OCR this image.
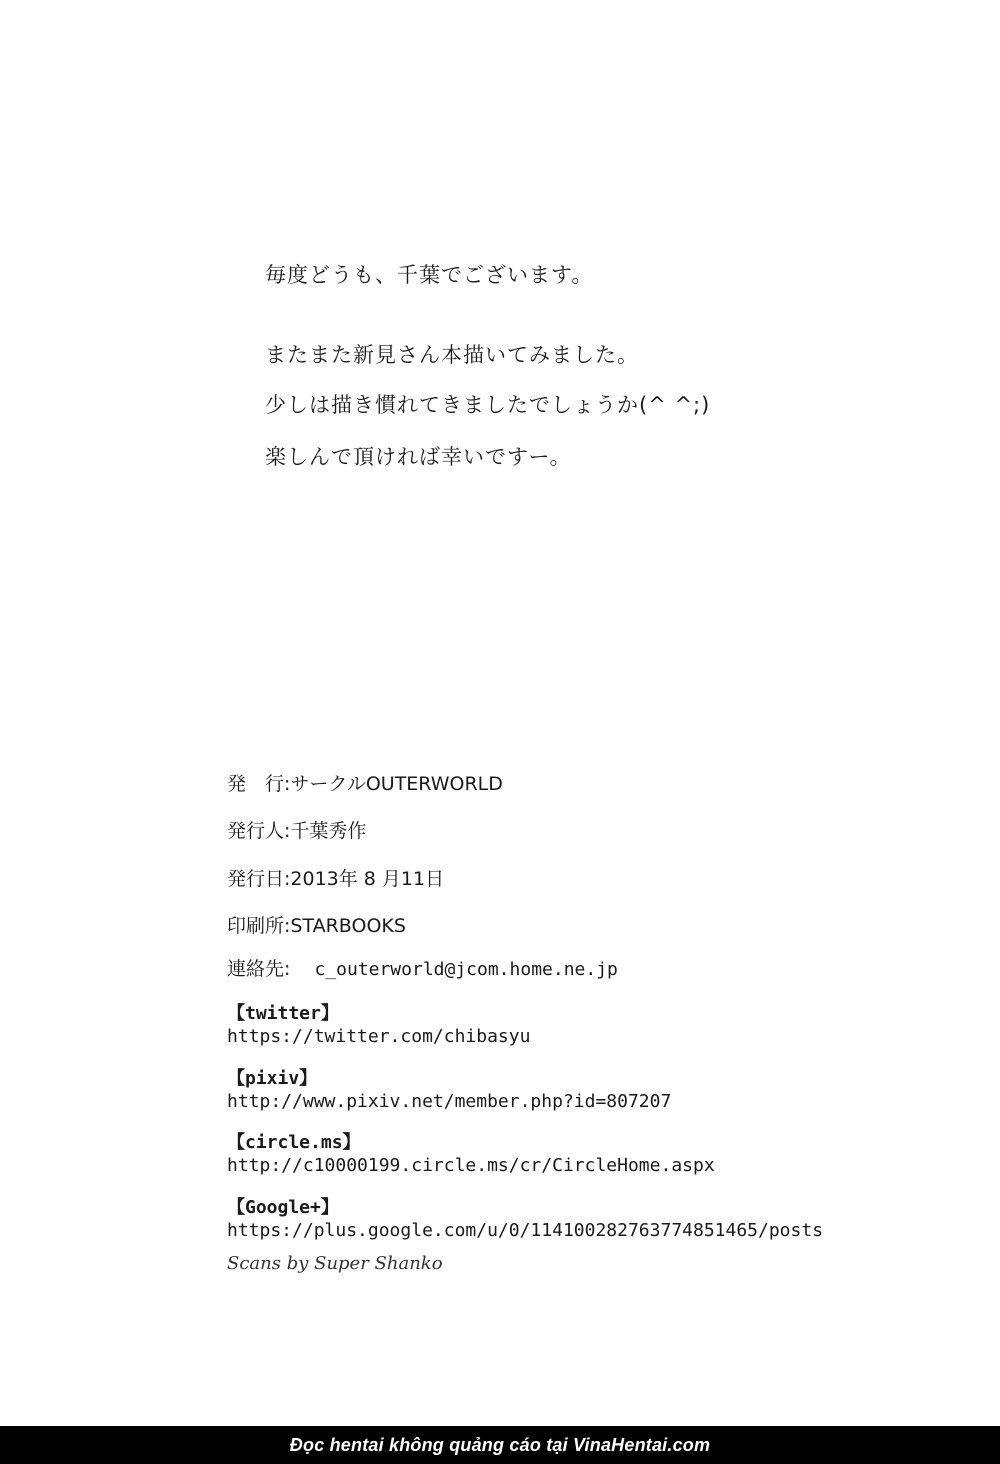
毎度どうも、千葉でございます。
またまた新見さん本描いてみました。
少しは描き慣れてきましたでしょうか(^ ^;)
楽しんで頂ければ幸いですー。
発　行:サークルOUTERWORLD
発行人:千葉秀作
発行日:2013年 8 月11日
印刷所:STARBOOKS
連絡先: c_outerworld@jcom.home.ne.jp
【twitter】
https://twitter.com/chibasyu
【pixiv】
http://www.pixiv.net/member.php?id=807207
【circle.ms】
http://c10000199.circle.ms/cr/CircleHome.aspx
【Google+】
https://plus.google.com/u/0/114100282763774851465/posts
Scans by Super Shanko
Đọc hentai không quảng cáo tại VinaHentai.com
